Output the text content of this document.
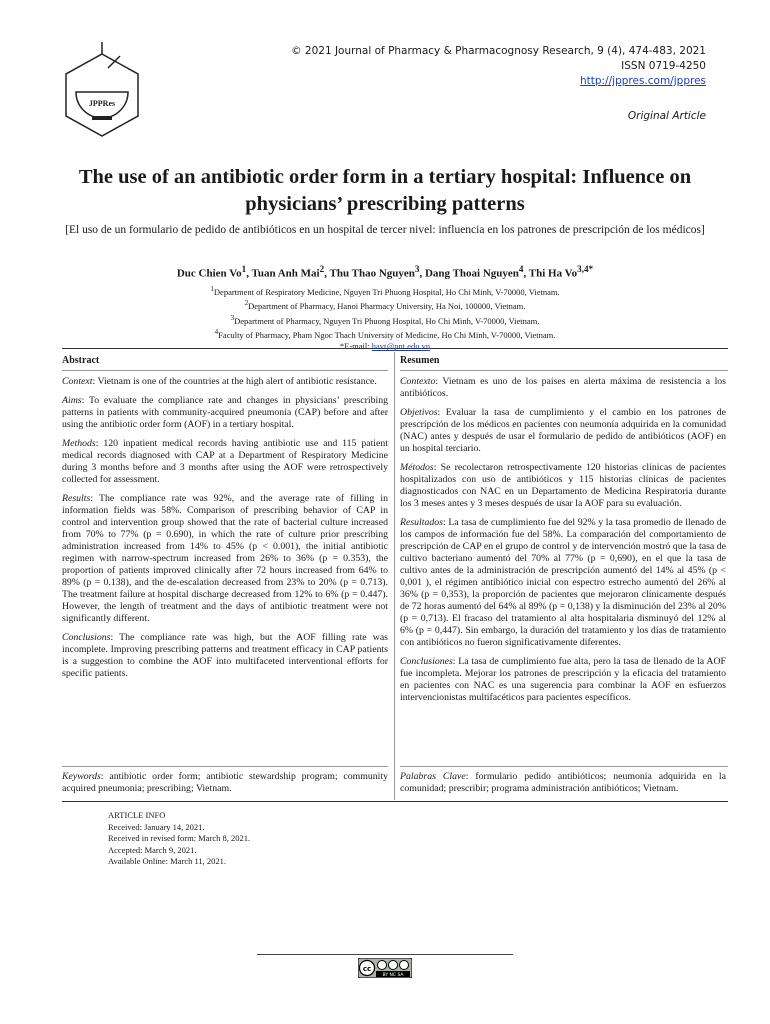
JPPRes
© 2021 Journal of Pharmacy & Pharmacognosy Research, 9 (4), 474-483, 2021
ISSN 0719-4250
http://jppres.com/jppres
Original Article
The use of an antibiotic order form in a tertiary hospital: Influence on physicians’ prescribing patterns
[El uso de un formulario de pedido de antibióticos en un hospital de tercer nivel: influencia en los patrones de prescripción de los médicos]
Duc Chien Vo$^1$, Tuan Anh Mai$^2$, Thu Thao Nguyen$^3$, Dang Thoai Nguyen$^4$, Thi Ha $Vo^{3,4*}$
$^1$Department of Respiratory Medicine, Nguyen Tri Phuong Hospital, Ho Chi Minh, V-70000, Vietnam.
$^2$Department of Pharmacy, Hanoi Pharmacy University, Ha Noi, 100000, Vietnam.
$^3$Department of Pharmacy, Nguyen Tri Phuong Hospital, Ho Chi Minh, V-70000, Vietnam.
$^4$Faculty of Pharmacy, Pham Ngoc Thach University of Medicine, Ho Chi Minh, V-70000, Vietnam.
*E-mail: havt@pnt.edu.vn
Abstract

Context: Vietnam is one of the countries at the high alert of antibiotic resistance.

Aims: To evaluate the compliance rate and changes in physicians’ prescribing patterns in patients with community-acquired pneumonia (CAP) before and after using the antibiotic order form (AOF) in a tertiary hospital.

Methods: 120 inpatient medical records having antibiotic use and 115 patient medical records diagnosed with CAP at a Department of Respiratory Medicine during 3 months before and 3 months after using the AOF were retrospectively collected for assessment.

Results: The compliance rate was 92%, and the average rate of filling in information fields was 58%. Comparison of prescribing behavior of CAP in control and intervention group showed that the rate of bacterial culture increased from 70% to 77% (p = 0.690), in which the rate of culture prior prescribing administration increased from 14% to 45% (p < 0.001), the initial antibiotic regimen with narrow-spectrum increased from 26% to 36% (p = 0.353), the proportion of patients improved clinically after 72 hours increased from 64% to 89% (p = 0.138), and the de-escalation decreased from 23% to 20% (p = 0.713). The treatment failure at hospital discharge decreased from 12% to 6% (p = 0.447). However, the length of treatment and the days of antibiotic treatment were not significantly different.

Conclusions: The compliance rate was high, but the AOF filling rate was incomplete. Improving prescribing patterns and treatment efficacy in CAP patients is a suggestion to combine the AOF into multifaceted interventional efforts for specific patients.

Resumen

Contexto: Vietnam es uno de los países en alerta máxima de resistencia a los antibióticos.

Objetivos: Evaluar la tasa de cumplimiento y el cambio en los patrones de prescripción de los médicos en pacientes con neumonía adquirida en la comunidad (NAC) antes y después de usar el formulario de pedido de antibióticos (AOF) en un hospital terciario.

Métodos: Se recolectaron retrospectivamente 120 historias clínicas de pacientes hospitalizados con uso de antibióticos y 115 historias clínicas de pacientes diagnosticados con NAC en un Departamento de Medicina Respiratoria durante los 3 meses antes y 3 meses después de usar la AOF para su evaluación.

Resultados: La tasa de cumplimiento fue del 92% y la tasa promedio de llenado de los campos de información fue del 58%. La comparación del comportamiento de prescripción de CAP en el grupo de control y de intervención mostró que la tasa de cultivo bacteriano aumentó del 70% al 77% (p = 0,690), en el que la tasa de cultivo antes de la administración de prescripción aumentó del 14% al 45% (p < 0,001 ), el régimen antibiótico inicial con espectro estrecho aumentó del 26% al 36% (p = 0,353), la proporción de pacientes que mejoraron clínicamente después de 72 horas aumentó del 64% al 89% (p = 0,138) y la disminución del 23% al 20% (p = 0,713). El fracaso del tratamiento al alta hospitalaria disminuyó del 12% al 6% (p = 0,447). Sin embargo, la duración del tratamiento y los días de tratamiento con antibióticos no fueron significativamente diferentes.

Conclusiones: La tasa de cumplimiento fue alta, pero la tasa de llenado de la AOF fue incompleta. Mejorar los patrones de prescripción y la eficacia del tratamiento en pacientes con NAC es una sugerencia para combinar la AOF en esfuerzos intervencionistas multifacéticos para pacientes específicos.

Keywords: antibiotic order form; antibiotic stewardship program; community acquired pneumonia; prescribing; Vietnam.

Palabras Clave: formulario pedido antibióticos; neumonía adquirida en la comunidad; prescribir; programa administración antibióticos; Vietnam.

ARTICLE INFO
Received: January 14, 2021.
Received in revised form: March 8, 2021.
Accepted: March 9, 2021.
Available Online: March 11, 2021.
cc
BY NC SA
